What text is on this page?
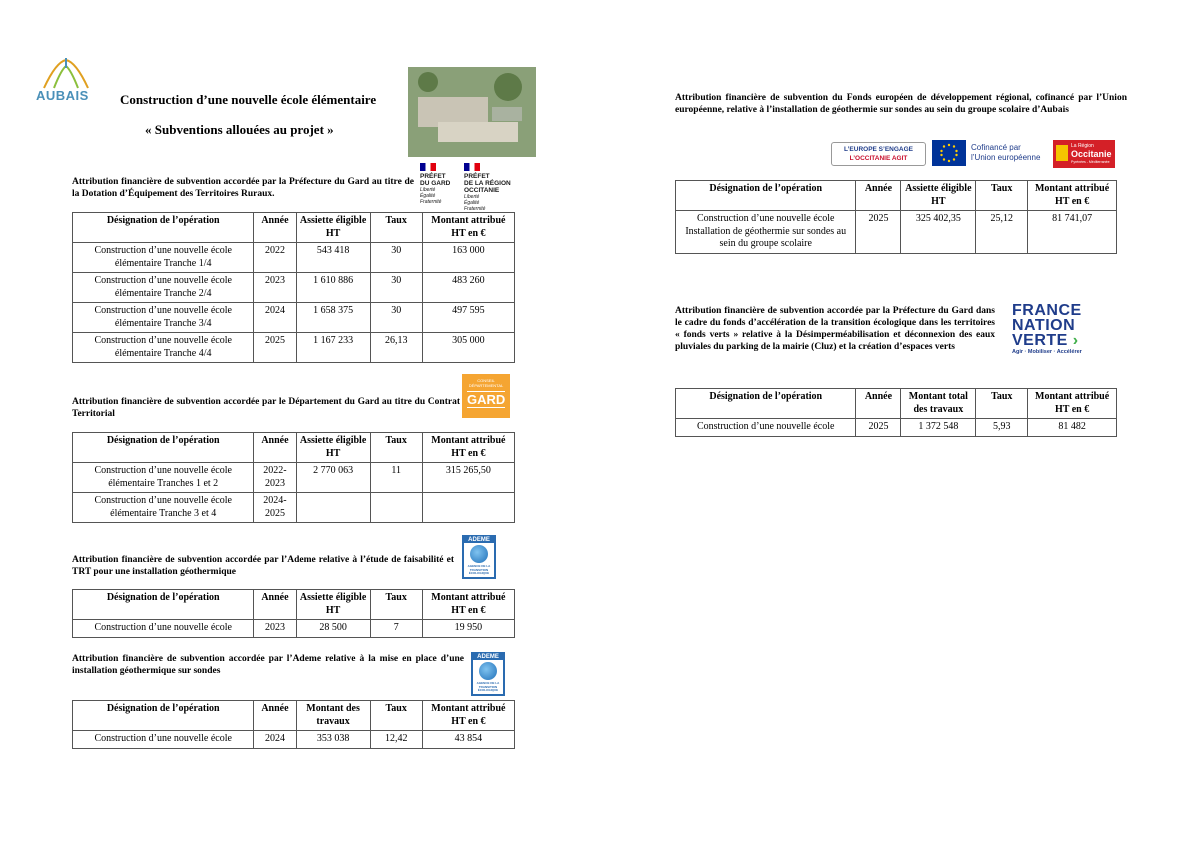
AUBAIS Construction d’une nouvelle école élémentaire
« Subventions allouées au projet »
Attribution financière de subvention accordée par la Préfecture du Gard au titre de la Dotation d’Équipement des Territoires Ruraux.
PRÉFET
DU GARD
Liberté
Égalité
Fraternité
PRÉFET
DE LA RÉGION
OCCITANIE
Liberté
Égalité
Fraternité
Désignation de l’opération	Année	Assiette éligible HT	Taux	Montant attribué HT en €
Construction d’une nouvelle école élémentaire Tranche 1/4	2022	543 418	30	163 000
Construction d’une nouvelle école élémentaire Tranche 2/4	2023	1 610 886	30	483 260
Construction d’une nouvelle école élémentaire Tranche 3/4	2024	1 658 375	30	497 595
Construction d’une nouvelle école élémentaire Tranche 4/4	2025	1 167 233	26,13	305 000
Attribution financière de subvention accordée par le Département du Gard au titre du Contrat Territorial
CONSEIL DÉPARTEMENTAL
GARD
Désignation de l’opération	Année	Assiette éligible HT	Taux	Montant attribué HT en €
Construction d’une nouvelle école élémentaire Tranches 1 et 2	2022-2023	2 770 063	11	315 265,50
Construction d’une nouvelle école élémentaire Tranche 3 et 4	2024-2025			
Attribution financière de subvention accordée par l’Ademe relative à l’étude de faisabilité et TRT pour une installation géothermique
ADEME
AGENCE DE LA TRANSITION ÉCOLOGIQUE
Désignation de l’opération	Année	Assiette éligible HT	Taux	Montant attribué HT en €
Construction d’une nouvelle école	2023	28 500	7	19 950
Attribution financière de subvention accordée par l’Ademe relative à la mise en place d’une installation géothermique sur sondes
ADEME
AGENCE DE LA TRANSITION ÉCOLOGIQUE
Désignation de l’opération	Année	Montant des travaux	Taux	Montant attribué HT en €
Construction d’une nouvelle école	2024	353 038	12,42	43 854
Attribution financière de subvention du Fonds européen de développement régional, cofinancé par l’Union européenne, relative à l’installation de géothermie sur sondes au sein du groupe scolaire d’Aubais
L’EUROPE S’ENGAGE
L’OCCITANIE AGIT
Cofinancé par
l’Union européenne
La Région
Occitanie
Pyrénées - Méditerranée
Désignation de l’opération	Année	Assiette éligible HT	Taux	Montant attribué HT en €
Construction d’une nouvelle école Installation de géothermie sur sondes au sein du groupe scolaire	2025	325 402,35	25,12	81 741,07
Attribution financière de subvention accordée par la Préfecture du Gard dans le cadre du fonds d’accélération de la transition écologique dans les territoires « fonds verts » relative à la Désimperméabilisation et déconnexion des eaux pluviales du parking de la mairie (Cluz) et la création d’espaces verts
FRANCE
NATION
VERTE ›
Agir · Mobiliser · Accélérer
Désignation de l’opération	Année	Montant total des travaux	Taux	Montant attribué HT en €
Construction d’une nouvelle école	2025	1 372 548	5,93	81 482
